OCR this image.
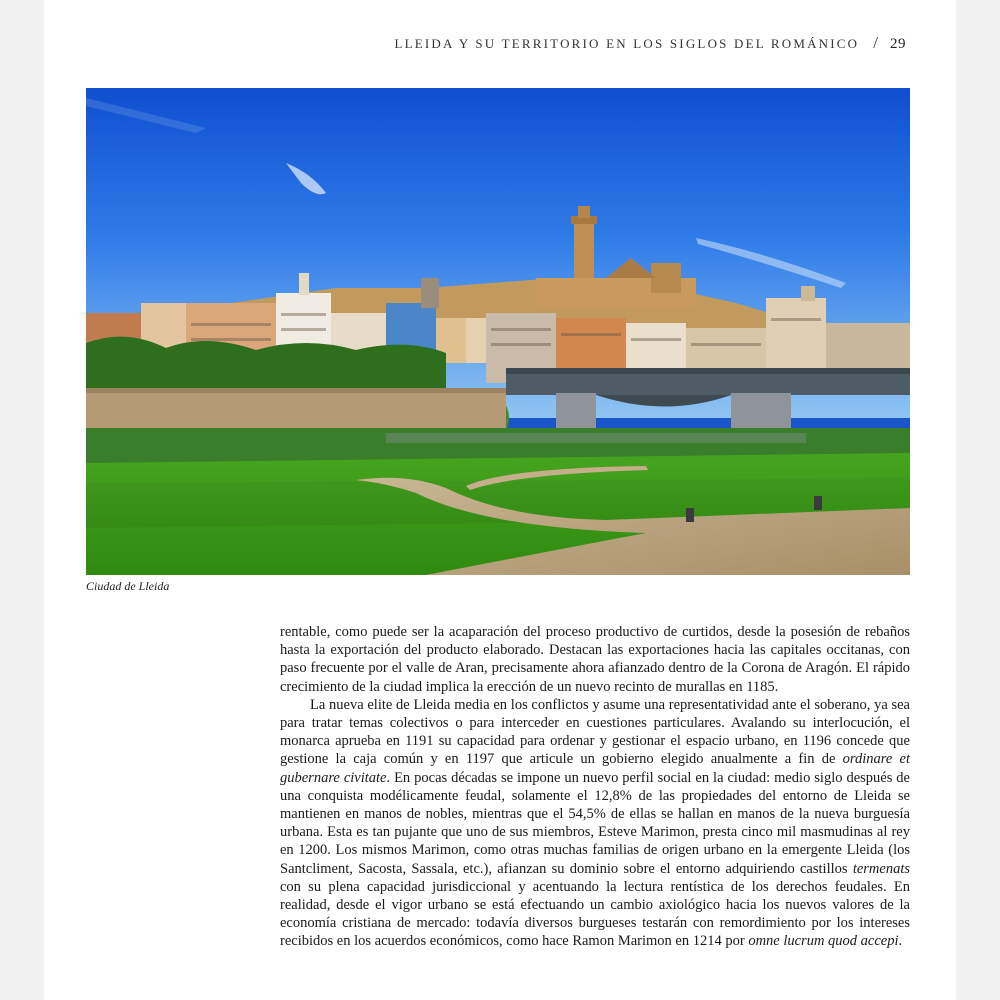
LLEIDA Y SU TERRITORIO EN LOS SIGLOS DEL ROMÁNICO / 29
Ciudad de Lleida

rentable, como puede ser la acaparación del proceso productivo de curtidos, desde la posesión de rebaños hasta la exportación del producto elaborado. Destacan las exportaciones hacia las capitales occitanas, con paso frecuente por el valle de Aran, precisamente ahora afianzado dentro de la Corona de Aragón. El rápido crecimiento de la ciudad implica la erección de un nuevo recinto de murallas en 1185.

La nueva elite de Lleida media en los conflictos y asume una representatividad ante el soberano, ya sea para tratar temas colectivos o para interceder en cuestiones particulares. Avalando su interlocución, el monarca aprueba en 1191 su capacidad para ordenar y gestionar el espacio urbano, en 1196 concede que gestione la caja común y en 1197 que articule un gobierno elegido anualmente a fin de ordinare et gubernare civitate. En pocas décadas se impone un nuevo perfil social en la ciudad: medio siglo después de una conquista modélicamente feudal, solamente el 12,8% de las propiedades del entorno de Lleida se mantienen en manos de nobles, mientras que el 54,5% de ellas se hallan en manos de la nueva burguesía urbana. Esta es tan pujante que uno de sus miembros, Esteve Marimon, presta cinco mil masmudinas al rey en 1200. Los mismos Marimon, como otras muchas familias de origen urbano en la emergente Lleida (los Santcliment, Sacosta, Sassala, etc.), afianzan su dominio sobre el entorno adquiriendo castillos termenats con su plena capacidad jurisdiccional y acentuando la lectura rentística de los derechos feudales. En realidad, desde el vigor urbano se está efectuando un cambio axiológico hacia los nuevos valores de la economía cristiana de mercado: todavía diversos burgueses testarán con remordimiento por los intereses recibidos en los acuerdos económicos, como hace Ramon Marimon en 1214 por omne lucrum quod accepi.
